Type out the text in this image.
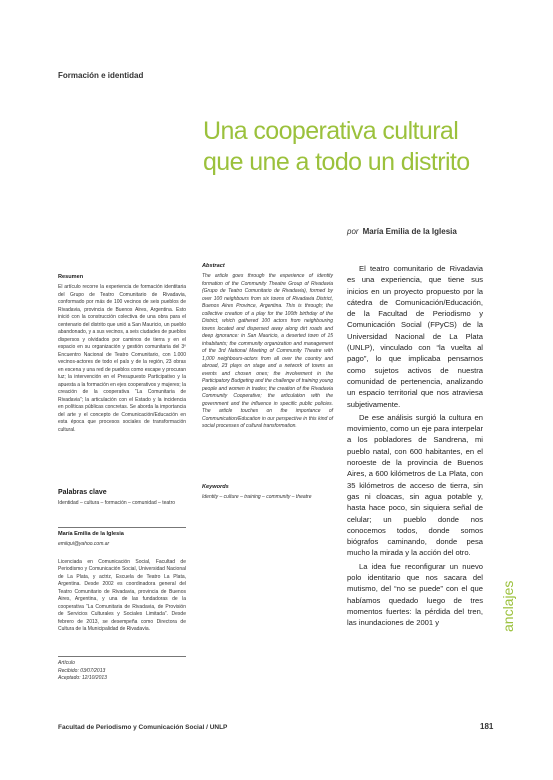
Formación e identidad
Una cooperativa cultural
que une a todo un distrito
por María Emilia de la Iglesia
Resumen
El artículo recorre la experiencia de formación identitaria del Grupo de Teatro Comunitario de Rivadavia, conformado por más de 100 vecinos de seis pueblos de Rivadavia, provincia de Buenos Aires, Argentina. Esto inició con la construcción colectiva de una obra para el centenario del distrito que unió a San Mauricio, un pueblo abandonado, y a sus vecinos, a seis ciudades de pueblos dispersos y olvidados por caminos de tierra y en el espacio en su organización y gestión comunitaria del 3º Encuentro Nacional de Teatro Comunitario, con 1.000 vecinos-actores de todo el país y de la región, 23 obras en escena y una red de pueblos como escape y procuran luz; la intervención en el Presupuesto Participativo y la apuesta a la formación en ejes cooperativos y mujeres; la creación de la cooperativa “La Comunitaria de Rivadavia”; la articulación con el Estado y la incidencia en políticas públicas concretas. Se aborda la importancia del arte y el concepto de Comunicación/Educación en esta época que procesos sociales de transformación cultural.
Palabras clave
Identidad – cultura – formación – comunidad – teatro
María Emilia de la Iglesia
emiiqui@yahoo.com.ar
Licenciada en Comunicación Social, Facultad de Periodismo y Comunicación Social, Universidad Nacional de La Plata, y actriz, Escuela de Teatro La Plata, Argentina. Desde 2002 es coordinadora general del Teatro Comunitario de Rivadavia, provincia de Buenos Aires, Argentina, y una de las fundadoras de la cooperativa “La Comunitaria de Rivadavia, de Provisión de Servicios Culturales y Sociales Limitada”. Desde febrero de 2013, se desempeña como Directora de Cultura de la Municipalidad de Rivadavia.
Artículo
Recibido: 03/07/2013
Aceptado: 12/10/2013
Abstract
The article goes through the experience of identity formation of the Community Theatre Group of Rivadavia (Grupo de Teatro Comunitario de Rivadavia), formed by over 100 neighbours from six towns of Rivadavia District, Buenos Aires Province, Argentina. This is through; the collective creation of a play for the 100th birthday of the District, which gathered 100 actors from neighbouring towns located and dispersed away along dirt roads and deep ignorance: in San Mauricio, a deserted town of 15 inhabitants; the community organization and management of the 3rd National Meeting of Community Theatre with 1,000 neighbours-actors from all over the country and abroad, 23 plays on stage and a network of towns as events and chosen ones; the involvement in the Participatory Budgeting and the challenge of training young people and women in trades; the creation of the Rivadavia Community Cooperative; the articulation with the government and the influence in specific public policies. The article touches on the importance of Communication/Education in our perspective in this kind of social processes of cultural transformation.
Keywords
Identity – culture – training – community – theatre

El teatro comunitario de Rivadavia es una experiencia, que tiene sus inicios en un proyecto propuesto por la cátedra de Comunicación/Educación, de la Facultad de Periodismo y Comunicación Social (FPyCS) de la Universidad Nacional de La Plata (UNLP), vinculado con “la vuelta al pago”, lo que implicaba pensarnos como sujetos activos de nuestra comunidad de pertenencia, analizando un espacio territorial que nos atraviesa subjetivamente.

De ese análisis surgió la cultura en movimiento, como un eje para interpelar a los pobladores de Sandrena, mi pueblo natal, con 600 habitantes, en el noroeste de la provincia de Buenos Aires, a 600 kilómetros de La Plata, con 35 kilómetros de acceso de tierra, sin gas ni cloacas, sin agua potable y, hasta hace poco, sin siquiera señal de celular; un pueblo donde nos conocemos todos, donde somos biógrafos caminando, donde pesa mucho la mirada y la acción del otro.

La idea fue reconfigurar un nuevo polo identitario que nos sacara del mutismo, del “no se puede” con el que habíamos quedado luego de tres momentos fuertes: la pérdida del tren, las inundaciones de 2001 y	anclajes
Facultad de Periodismo y Comunicación Social / UNLP	181
